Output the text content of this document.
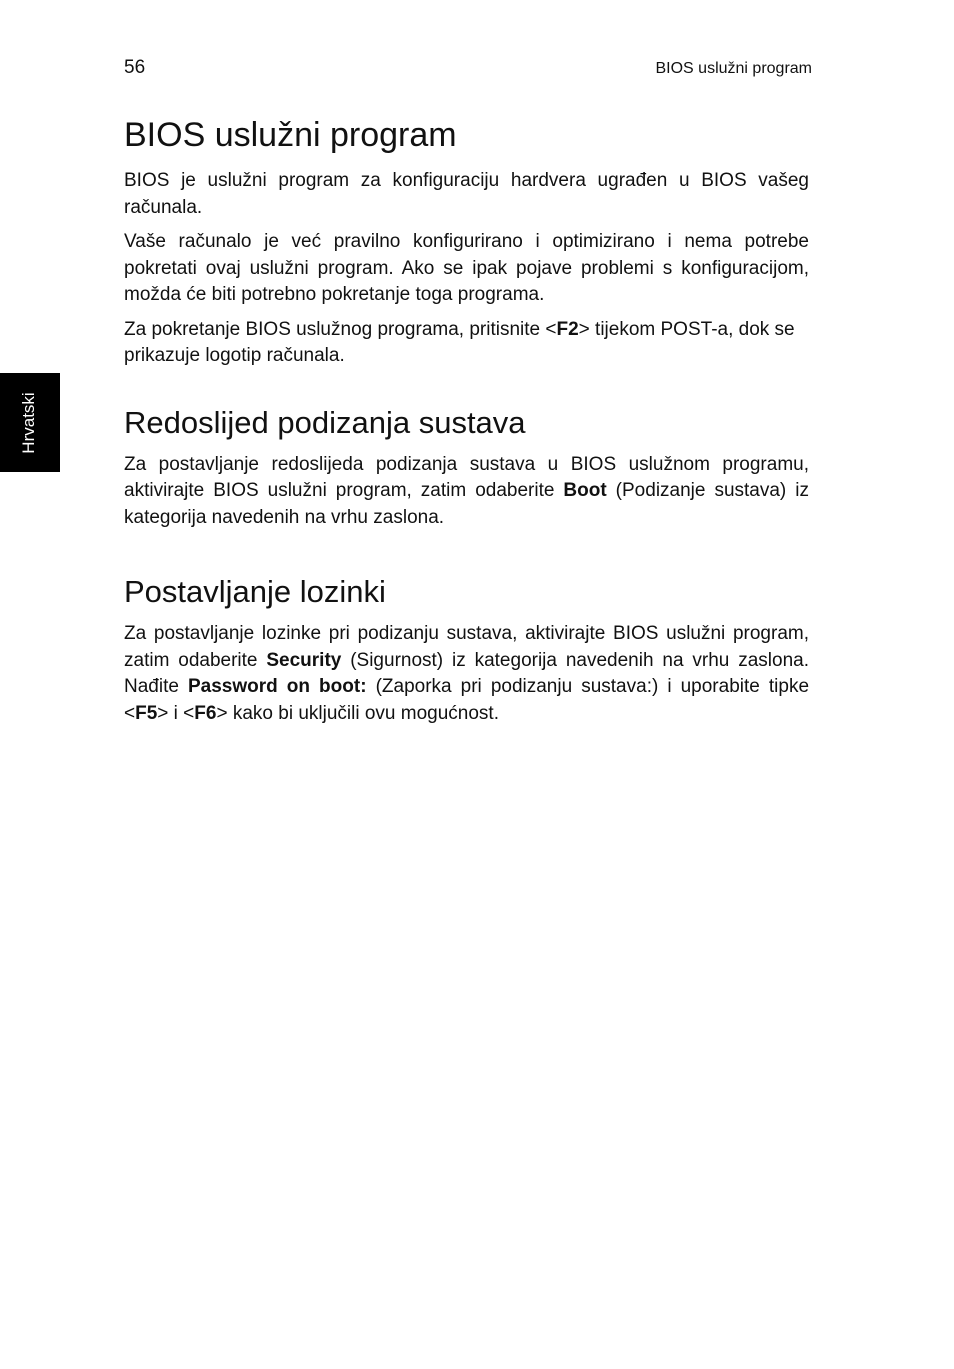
56	BIOS uslužni program
Hrvatski
BIOS uslužni program

BIOS je uslužni program za konfiguraciju hardvera ugrađen u BIOS vašeg računala.

Vaše računalo je već pravilno konfigurirano i optimizirano i nema potrebe pokretati ovaj uslužni program. Ako se ipak pojave problemi s konfiguracijom, možda će biti potrebno pokretanje toga programa.

Za pokretanje BIOS uslužnog programa, pritisnite <F2> tijekom POST-a, dok se prikazuje logotip računala.

Redoslijed podizanja sustava

Za postavljanje redoslijeda podizanja sustava u BIOS uslužnom programu, aktivirajte BIOS uslužni program, zatim odaberite Boot (Podizanje sustava) iz kategorija navedenih na vrhu zaslona.

Postavljanje lozinki

Za postavljanje lozinke pri podizanju sustava, aktivirajte BIOS uslužni program, zatim odaberite Security (Sigurnost) iz kategorija navedenih na vrhu zaslona. Nađite Password on boot: (Zaporka pri podizanju sustava:) i uporabite tipke <F5> i <F6> kako bi uključili ovu mogućnost.
